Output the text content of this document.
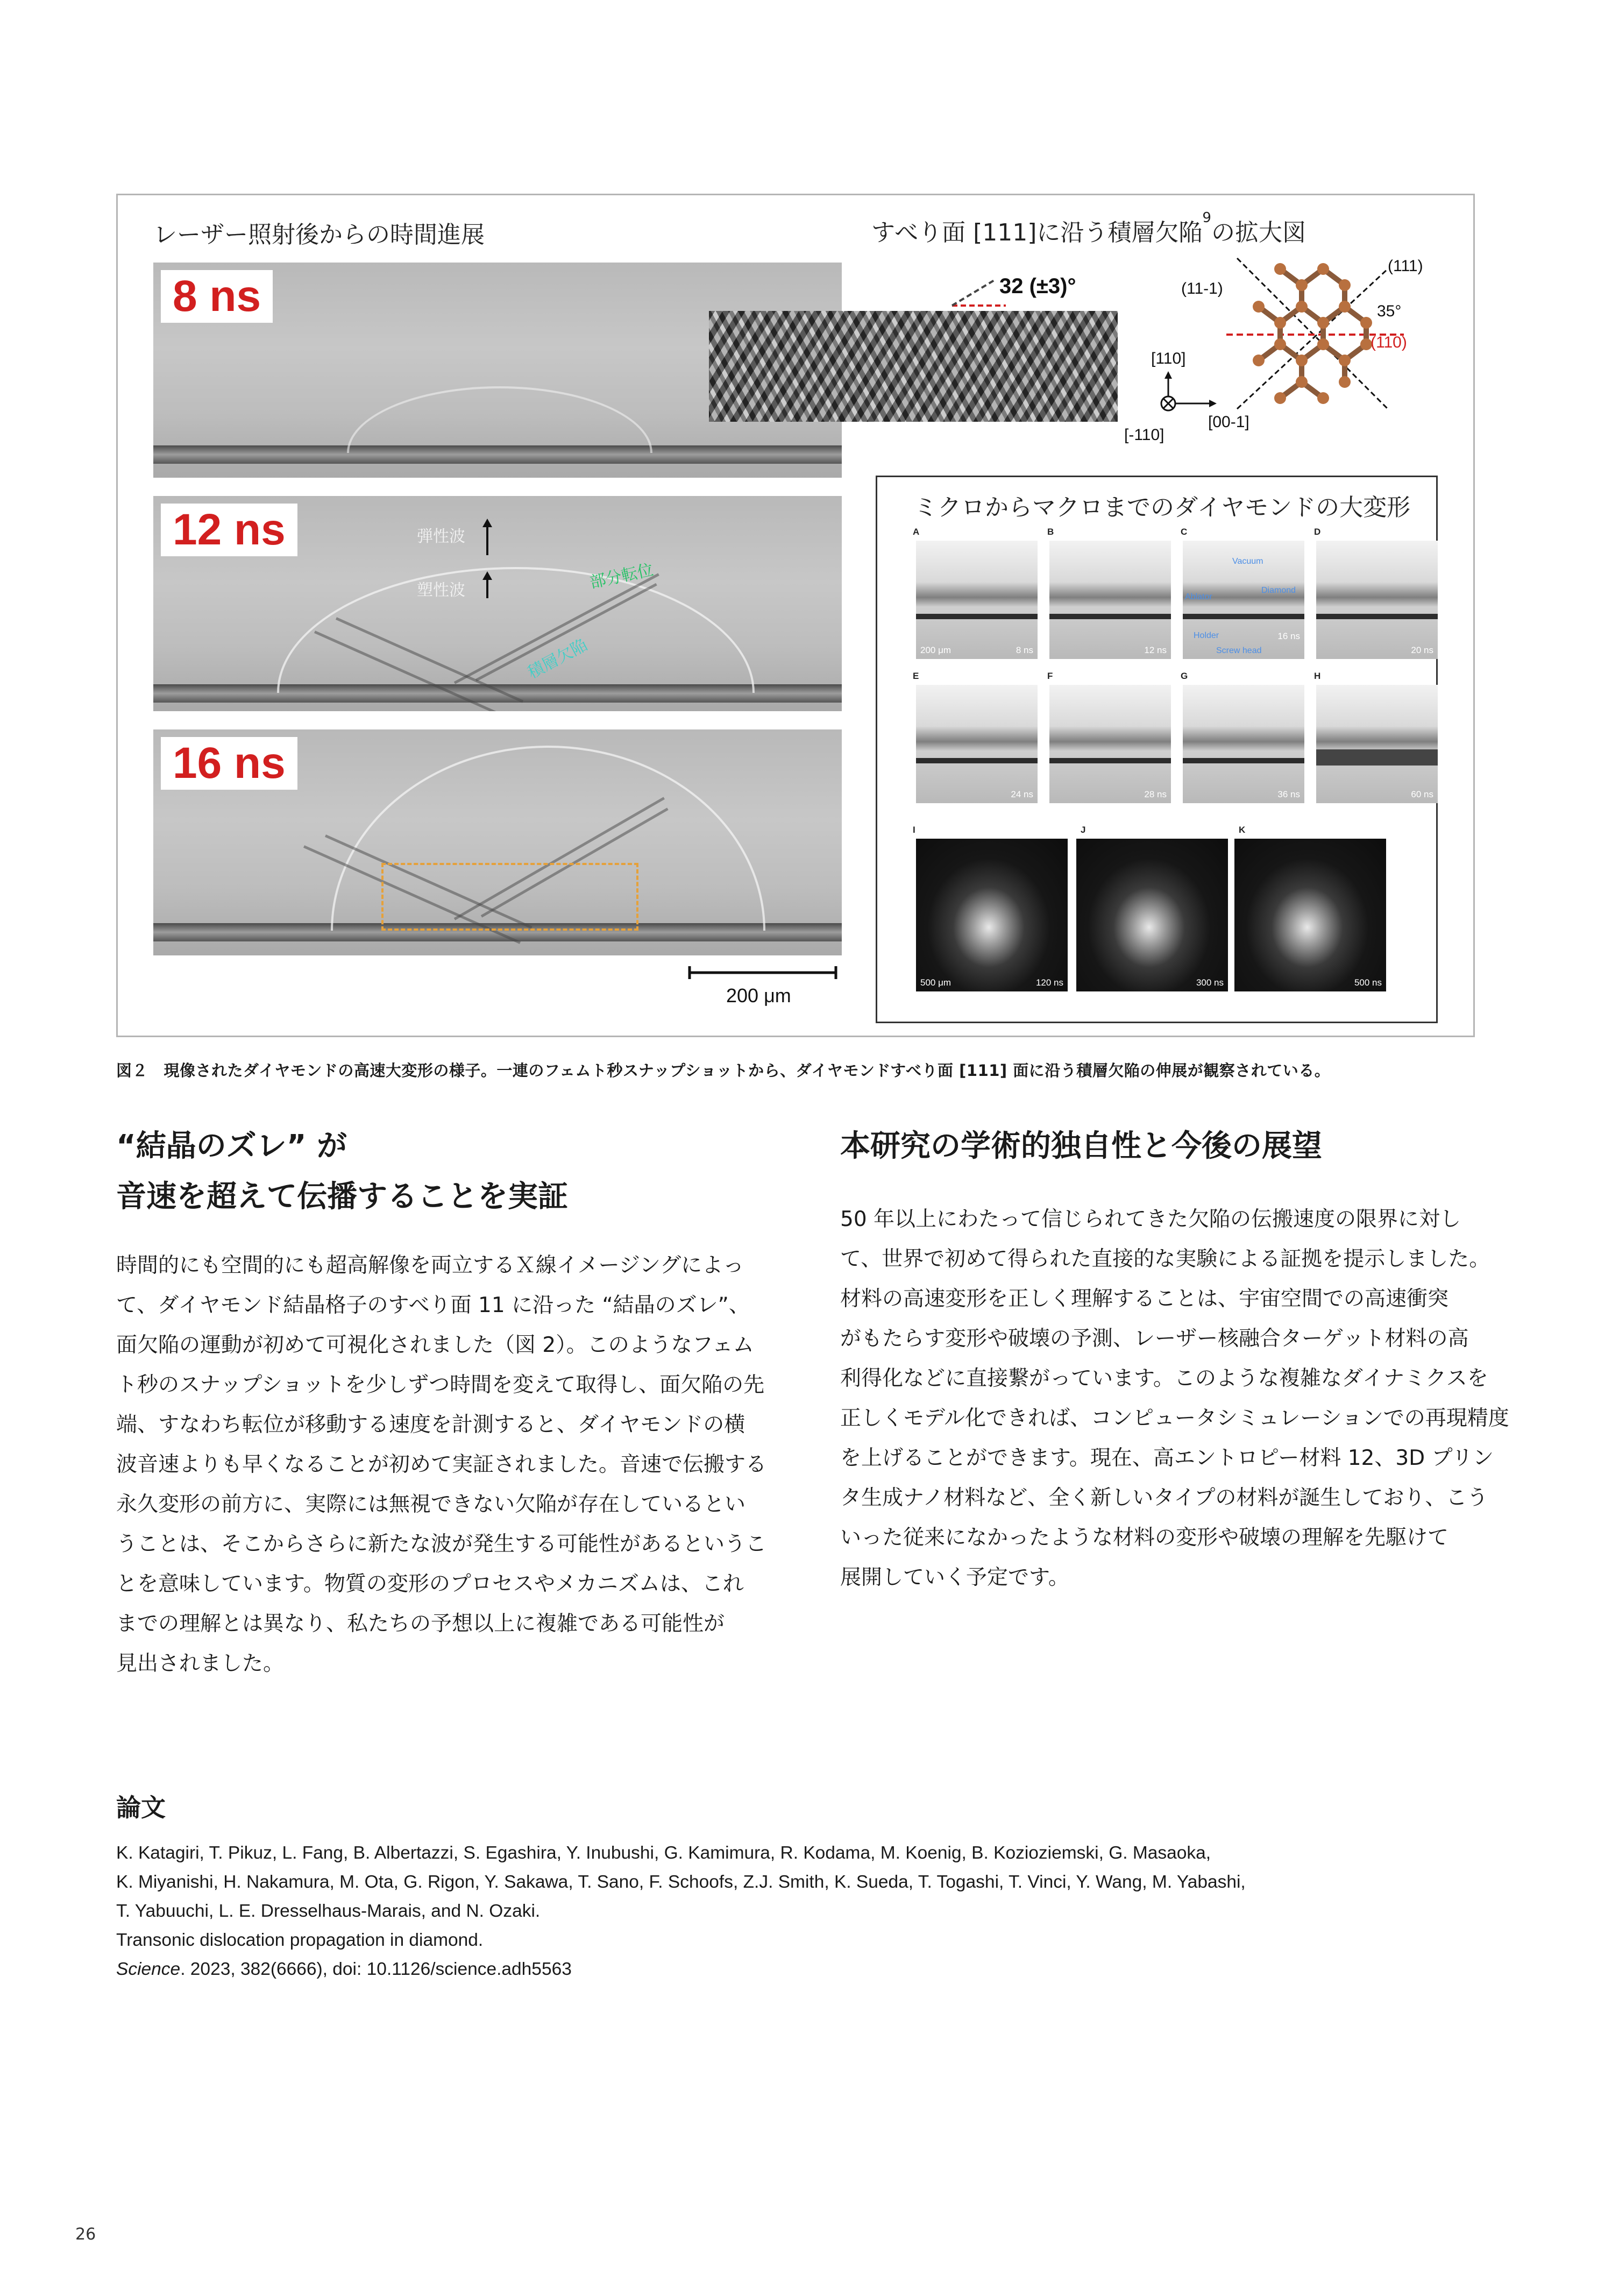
レーザー照射後からの時間進展	すべり面 [111]に沿う積層欠陥$^9$の拡大図
8 ns	32 (±3)°	(11-1)
(111)
35°
(110)
[110]
[-110]
[00-1]
12 ns	弾性波
塑性波	部分転位
積層欠陥
16 ns
200 μm
ミクロからマクロまでのダイヤモンドの大変形
A
200 μm	8 ns
B
12 ns
C
Vacuum
Diamond
Ablator
Holder
Screw head
16 ns
D
20 ns
E
24 ns
F
28 ns
G
36 ns
H
60 ns
I
500 μm	120 ns
J
300 ns
K
500 ns
図２　現像されたダイヤモンドの高速大変形の様子。一連のフェムト秒スナップショットから、ダイヤモンドすべり面 [111] 面に沿う積層欠陥の伸展が観察されている。
“結晶のズレ” が
音速を超えて伝播することを実証
時間的にも空間的にも超高解像を両立するＸ線イメージングによっ
て、ダイヤモンド結晶格子のすべり面 11 に沿った “結晶のズレ”、
面欠陥の運動が初めて可視化されました（図 2）。このようなフェム
ト秒のスナップショットを少しずつ時間を変えて取得し、面欠陥の先
端、すなわち転位が移動する速度を計測すると、ダイヤモンドの横
波音速よりも早くなることが初めて実証されました。音速で伝搬する
永久変形の前方に、実際には無視できない欠陥が存在しているとい
うことは、そこからさらに新たな波が発生する可能性があるというこ
とを意味しています。物質の変形のプロセスやメカニズムは、これ
までの理解とは異なり、私たちの予想以上に複雑である可能性が
見出されました。
本研究の学術的独自性と今後の展望
50 年以上にわたって信じられてきた欠陥の伝搬速度の限界に対し
て、世界で初めて得られた直接的な実験による証拠を提示しました。
材料の高速変形を正しく理解することは、宇宙空間での高速衝突
がもたらす変形や破壊の予測、レーザー核融合ターゲット材料の高
利得化などに直接繋がっています。このような複雑なダイナミクスを
正しくモデル化できれば、コンピュータシミュレーションでの再現精度
を上げることができます。現在、高エントロピー材料 12、3D プリン
タ生成ナノ材料など、全く新しいタイプの材料が誕生しており、こう
いった従来になかったような材料の変形や破壊の理解を先駆けて
展開していく予定です。
論文
K. Katagiri, T. Pikuz, L. Fang, B. Albertazzi, S. Egashira, Y. Inubushi, G. Kamimura, R. Kodama, M. Koenig, B. Kozioziemski, G. Masaoka,
K. Miyanishi, H. Nakamura, M. Ota, G. Rigon, Y. Sakawa, T. Sano, F. Schoofs, Z.J. Smith, K. Sueda, T. Togashi, T. Vinci, Y. Wang, M. Yabashi,
T. Yabuuchi, L. E. Dresselhaus-Marais, and N. Ozaki.
Transonic dislocation propagation in diamond.
Science. 2023, 382(6666), doi: 10.1126/science.adh5563
26
